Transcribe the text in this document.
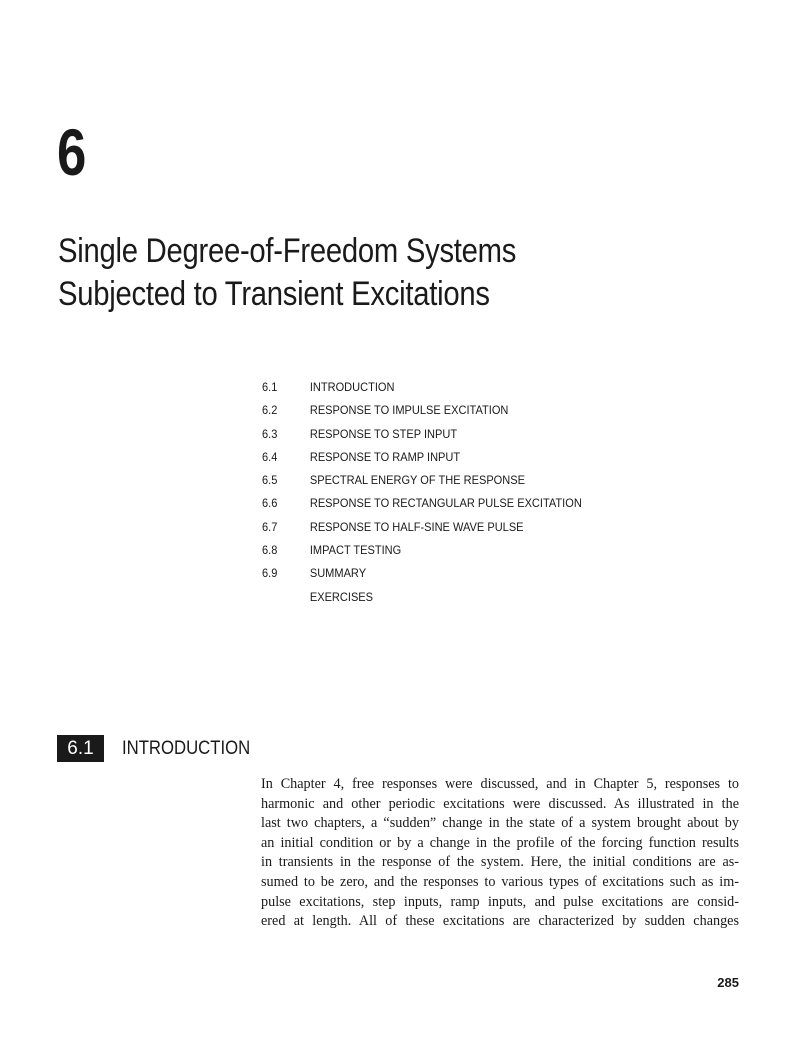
6
Single Degree-of-Freedom Systems
Subjected to Transient Excitations
6.1	INTRODUCTION
6.2	RESPONSE TO IMPULSE EXCITATION
6.3	RESPONSE TO STEP INPUT
6.4	RESPONSE TO RAMP INPUT
6.5	SPECTRAL ENERGY OF THE RESPONSE
6.6	RESPONSE TO RECTANGULAR PULSE EXCITATION
6.7	RESPONSE TO HALF-SINE WAVE PULSE
6.8	IMPACT TESTING
6.9	SUMMARY
EXERCISES
6.1	INTRODUCTION
In Chapter 4, free responses were discussed, and in Chapter 5, responses to
harmonic and other periodic excitations were discussed. As illustrated in the
last two chapters, a “sudden” change in the state of a system brought about by
an initial condition or by a change in the profile of the forcing function results
in transients in the response of the system. Here, the initial conditions are as-
sumed to be zero, and the responses to various types of excitations such as im-
pulse excitations, step inputs, ramp inputs, and pulse excitations are consid-
ered at length. All of these excitations are characterized by sudden changes
285
